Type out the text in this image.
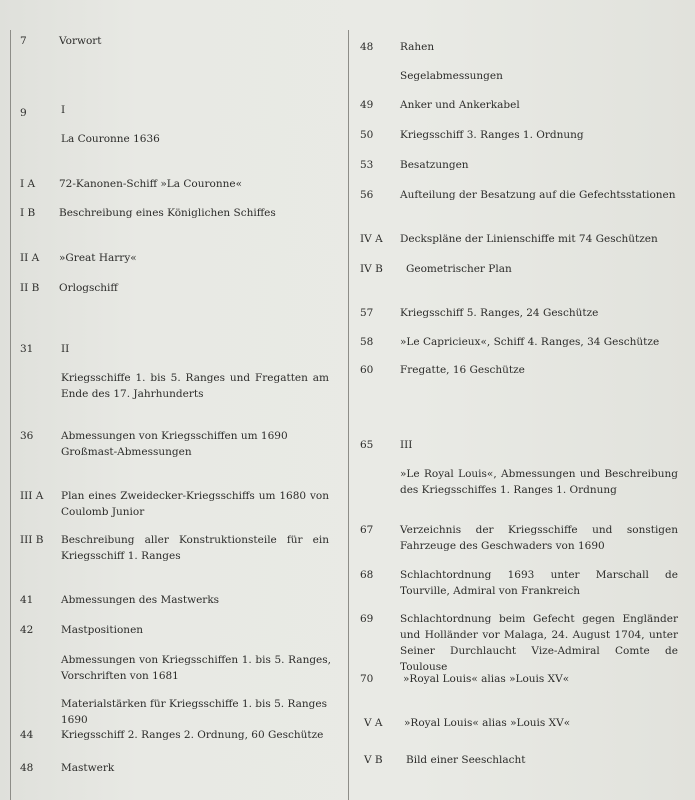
7	Vorwort
9	I
La Couronne 1636
I A 72-Kanonen-Schiff »La Couronne«
I B Beschreibung eines Königlichen Schiffes
II A »Great Harry«
II B Orlogschiff
31	II
Kriegsschiffe 1. bis 5. Ranges und Fregatten am Ende des 17. Jahrhunderts
36	Abmessungen von Kriegsschiffen um 1690
Großmast-Abmessungen
III A Plan eines Zweidecker-Kriegsschiffs um 1680 von Coulomb Junior
III B Beschreibung aller Konstruktionsteile für ein Kriegsschiff 1. Ranges
41	Abmessungen des Mastwerks
42	Mastpositionen
Abmessungen von Kriegsschiffen 1. bis 5. Ranges, Vorschriften von 1681
Materialstärken für Kriegsschiffe 1. bis 5. Ranges 1690
44	Kriegsschiff 2. Ranges 2. Ordnung, 60 Geschütze
48	Mastwerk
48	Rahen
Segelabmessungen
49	Anker und Ankerkabel
50	Kriegsschiff 3. Ranges 1. Ordnung
53	Besatzungen
56	Aufteilung der Besatzung auf die Gefechtsstationen
IV A Deckspläne der Linienschiffe mit 74 Geschützen
IV B Geometrischer Plan
57	Kriegsschiff 5. Ranges, 24 Geschütze
58	»Le Capricieux«, Schiff 4. Ranges, 34 Geschütze
60	Fregatte, 16 Geschütze
65	III
»Le Royal Louis«, Abmessungen und Beschreibung des Kriegsschiffes 1. Ranges 1. Ordnung
67	Verzeichnis der Kriegsschiffe und sonstigen Fahrzeuge des Geschwaders von 1690
68	Schlachtordnung 1693 unter Marschall de Tourville, Admiral von Frankreich
69	Schlachtordnung beim Gefecht gegen Engländer und Holländer vor Malaga, 24. August 1704, unter Seiner Durchlaucht Vize-Admiral Comte de Toulouse
70	»Royal Louis« alias »Louis XV«
V A »Royal Louis« alias »Louis XV«
V B Bild einer Seeschlacht
